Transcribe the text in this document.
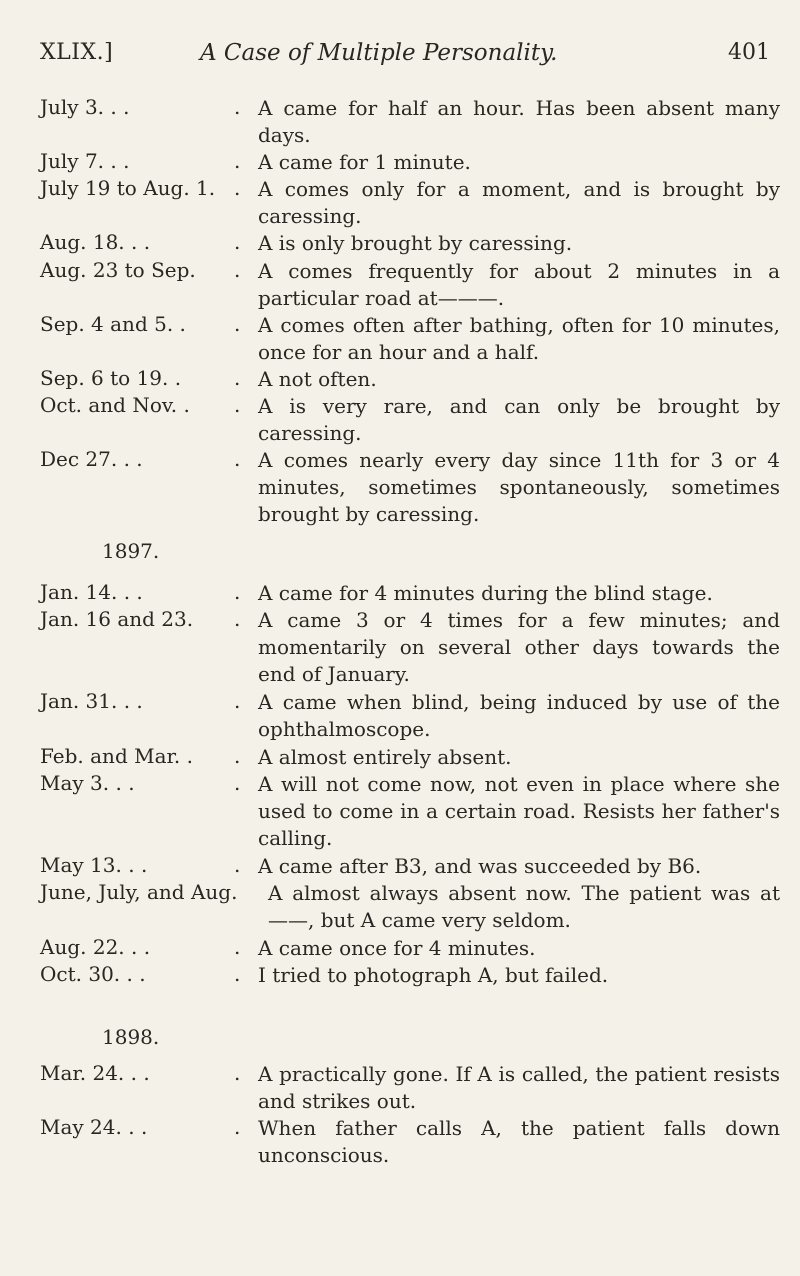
XLIX.]	A Case of Multiple Personality.	401
July 3. . .	. A came for half an hour. Has been absent many days.
July 7. . .	. A came for 1 minute.
July 19 to Aug. 1. . A comes only for a moment, and is brought by caressing.
Aug. 18. . .	. A is only brought by caressing.
Aug. 23 to Sep. . A comes frequently for about 2 minutes in a particular road at———.
Sep. 4 and 5. . . A comes often after bathing, often for 10 minutes, once for an hour and a half.
Sep. 6 to 19. .	. A not often.
Oct. and Nov. . . A is very rare, and can only be brought by caressing.
Dec 27. . .	. A comes nearly every day since 11th for 3 or 4 minutes, sometimes spontaneously, sometimes brought by caressing.
1897.
Jan. 14. . .	. A came for 4 minutes during the blind stage.
Jan. 16 and 23. . A came 3 or 4 times for a few minutes; and momentarily on several other days towards the end of January.
Jan. 31. . .	. A came when blind, being induced by use of the ophthalmoscope.
Feb. and Mar. . . A almost entirely absent.
May 3. . .	. A will not come now, not even in place where she used to come in a certain road. Resists her father's calling.
May 13. . .	. A came after B3, and was succeeded by B6.
June, July, and Aug. A almost always absent now. The patient was at ——, but A came very seldom.
Aug. 22. . .	. A came once for 4 minutes.
Oct. 30. . .	. I tried to photograph A, but failed.
1898.
Mar. 24. . .	. A practically gone. If A is called, the patient resists and strikes out.
May 24. . .	. When father calls A, the patient falls down unconscious.
